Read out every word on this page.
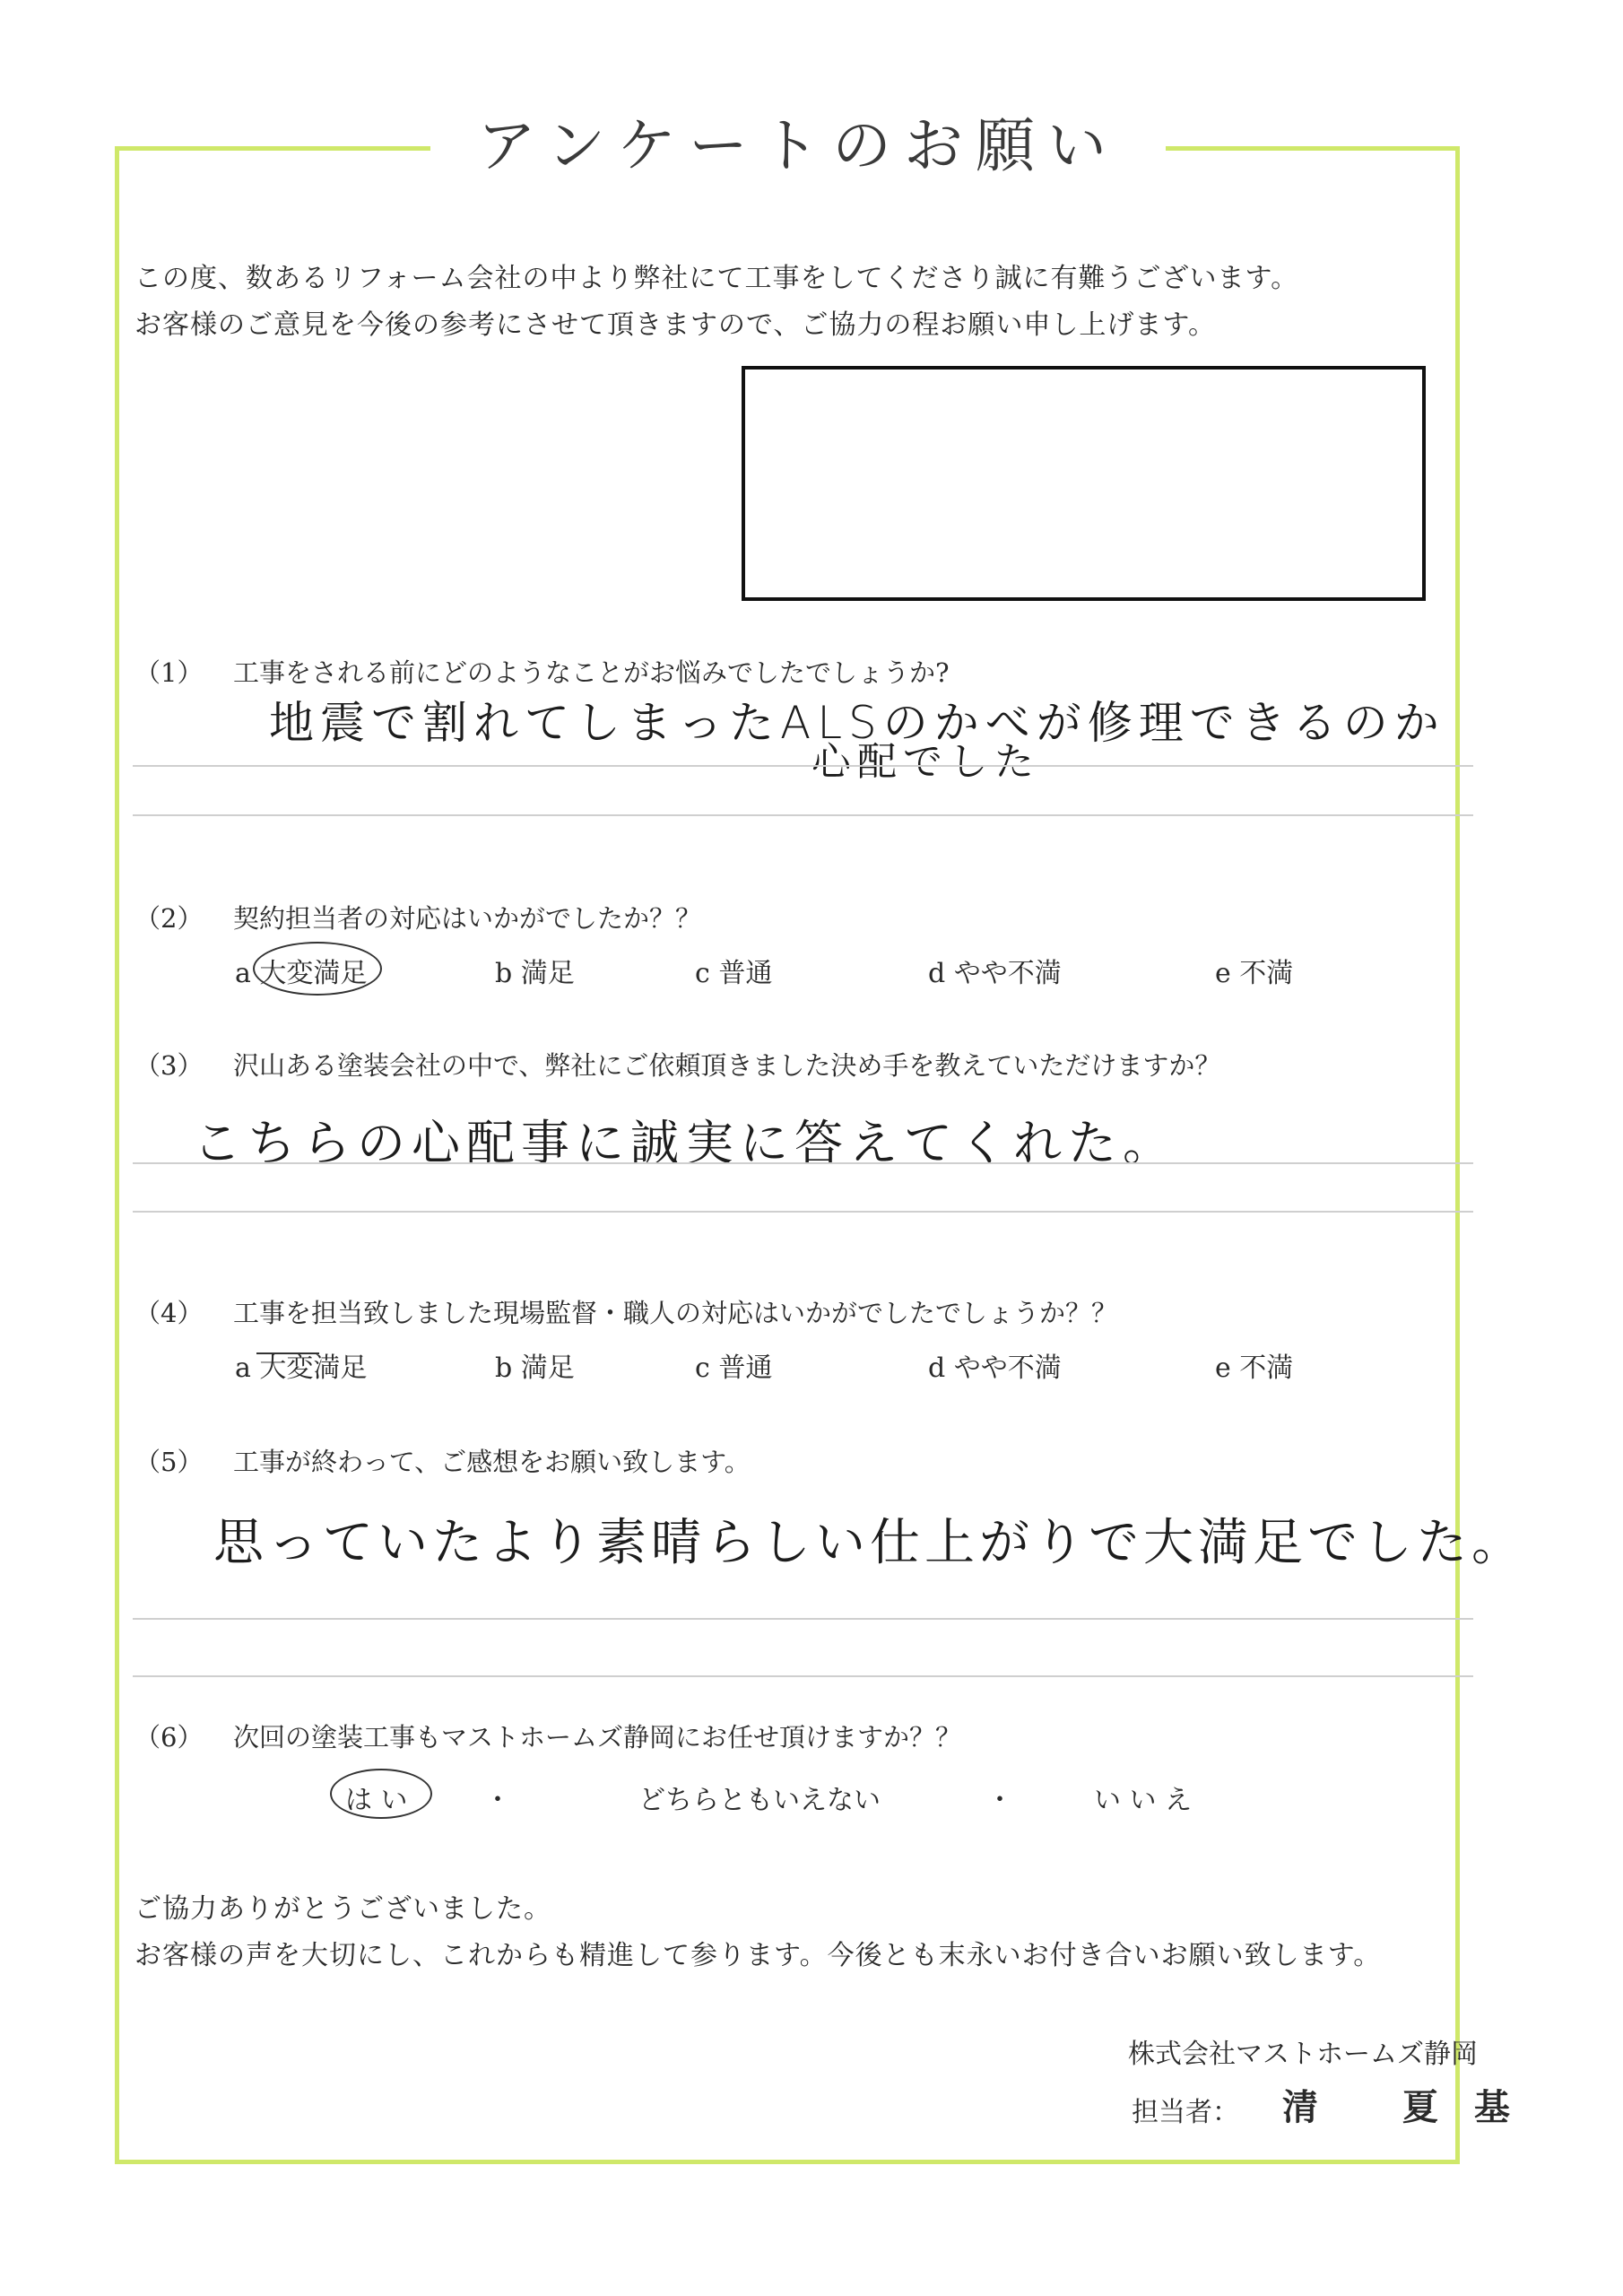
アンケートのお願い
この度、数あるリフォーム会社の中より弊社にて工事をしてくださり誠に有難うございます。
お客様のご意見を今後の参考にさせて頂きますので、ご協力の程お願い申し上げます。
（1） 工事をされる前にどのようなことがお悩みでしたでしょうか?
地震で割れてしまったALSのかべが修理できるのか
心配でした
（2） 契約担当者の対応はいかがでしたか？？
a 大変満足	b 満足	c 普通	d やや不満	e 不満
（3） 沢山ある塗装会社の中で、弊社にご依頼頂きました決め手を教えていただけますか？
こちらの心配事に誠実に答えてくれた。
（4） 工事を担当致しました現場監督・職人の対応はいかがでしたでしょうか？？
a 大変満足	b 満足	c 普通	d やや不満	e 不満
（5） 工事が終わって、ご感想をお願い致します。
思っていたより素晴らしい仕上がりで大満足でした。
（6） 次回の塗装工事もマストホームズ静岡にお任せ頂けますか？？
は い	・	どちらともいえない	・	い い え
ご協力ありがとうございました。
お客様の声を大切にし、これからも精進して参ります。今後とも末永いお付き合いお願い致します。
株式会社マストホームズ静岡
担当者： 清 夏基
